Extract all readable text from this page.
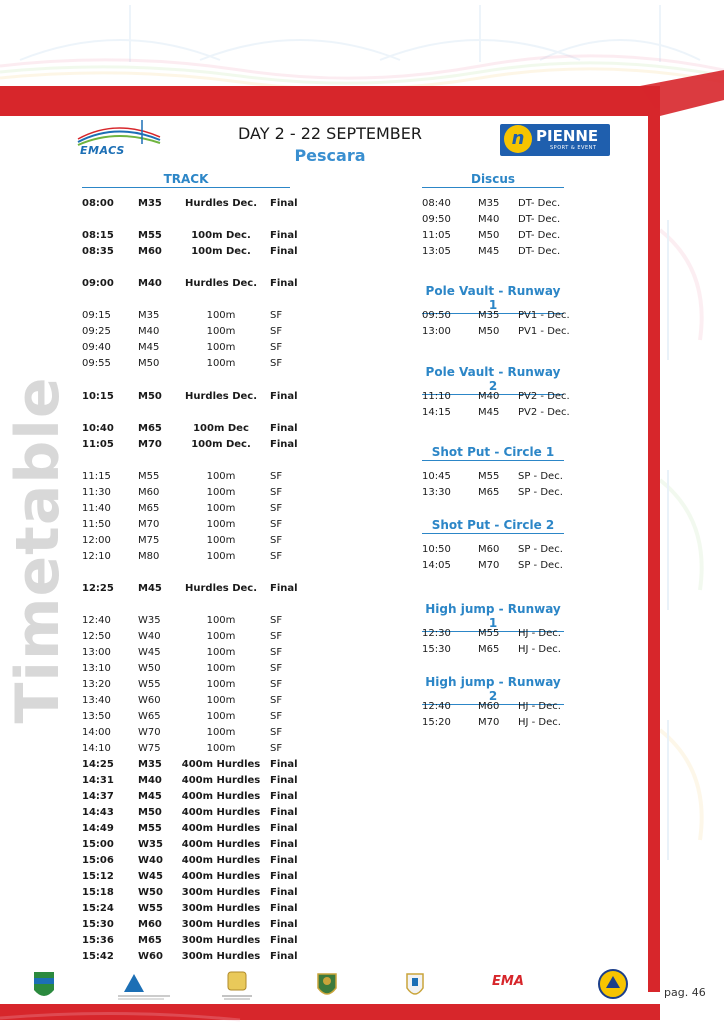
Timetable
EMACS
DAY 2 - 22 SEPTEMBER
Pescara
n PIENNE
SPORT & EVENT
TRACK
08:00 M35	Hurdles Dec.	Final
08:15 M55	100m Dec.	Final
08:35 M60	100m Dec.	Final
09:00 M40	Hurdles Dec.	Final
09:15	M35	100m	SF
09:25	M40	100m	SF
09:40	M45	100m	SF
09:55	M50	100m	SF
10:15 M50	Hurdles Dec.	Final
10:40 M65	100m Dec	Final
11:05 M70	100m Dec.	Final
11:15	M55	100m	SF
11:30	M60	100m	SF
11:40	M65	100m	SF
11:50	M70	100m	SF
12:00	M75	100m	SF
12:10	M80	100m	SF
12:25 M45	Hurdles Dec.	Final
12:40	W35	100m	SF
12:50	W40	100m	SF
13:00	W45	100m	SF
13:10	W50	100m	SF
13:20	W55	100m	SF
13:40	W60	100m	SF
13:50	W65	100m	SF
14:00	W70	100m	SF
14:10	W75	100m	SF
14:25 M35	400m Hurdles Final
14:31 M40	400m Hurdles Final
14:37 M45	400m Hurdles Final
14:43 M50	400m Hurdles Final
14:49 M55	400m Hurdles Final
15:00 W35	400m Hurdles Final
15:06 W40	400m Hurdles Final
15:12 W45	400m Hurdles Final
15:18 W50	300m Hurdles Final
15:24 W55	300m Hurdles Final
15:30 M60	300m Hurdles Final
15:36 M65	300m Hurdles Final
15:42 W60	300m Hurdles Final
Discus
08:40	M35 DT- Dec.
09:50	M40 DT- Dec.
11:05	M50 DT- Dec.
13:05	M45 DT- Dec.
Pole Vault - Runway 1
09:50	M35 PV1 - Dec.
13:00	M50 PV1 - Dec.
Pole Vault - Runway 2
11:10	M40 PV2 - Dec.
14:15	M45 PV2 - Dec.
Shot Put - Circle 1
10:45	M55 SP - Dec.
13:30	M65 SP - Dec.
Shot Put - Circle 2
10:50	M60 SP - Dec.
14:05	M70 SP - Dec.
High jump - Runway 1
12:30	M55 HJ - Dec.
15:30	M65 HJ - Dec.
High jump - Runway 2
12:40	M60 HJ - Dec.
15:20	M70 HJ - Dec.
EMA
pag. 46
